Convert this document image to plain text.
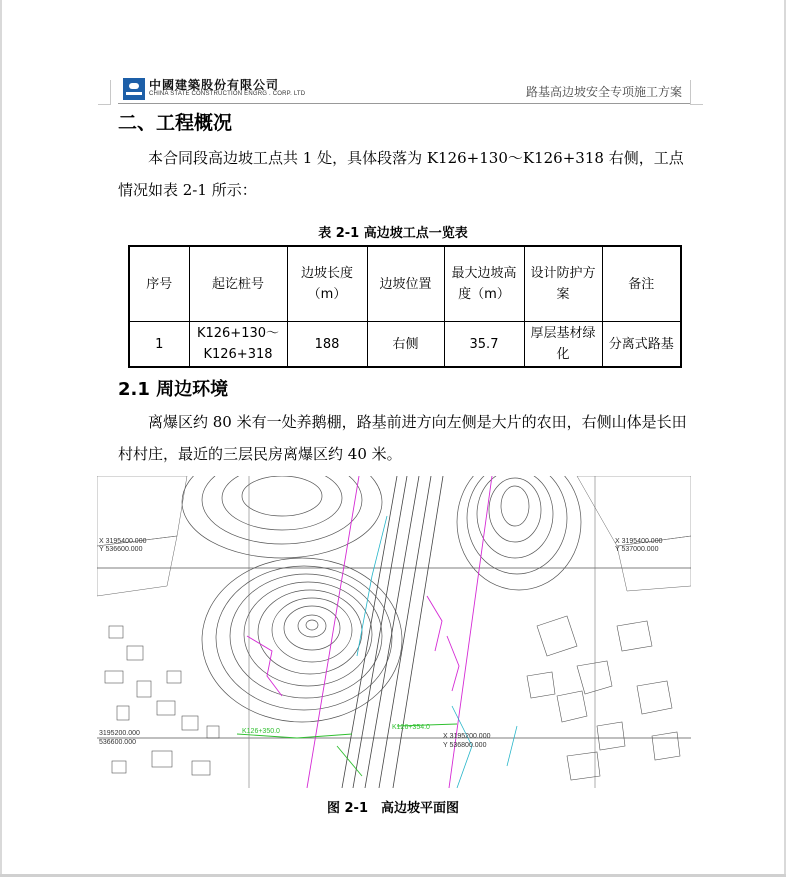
中國建築股份有限公司
CHINA STATE CONSTRUCTION ENGRG . CORP. LTD	路基高边坡安全专项施工方案
二、工程概况
本合同段高边坡工点共 1 处，具体段落为 K126+130～K126+318 右侧，工点情况如表 2-1 所示：
表 2-1 高边坡工点一览表
序号	起讫桩号	边坡长度（m）	边坡位置	最大边坡高度（m）	设计防护方案	备注
1	K126+130～K126+318	188	右侧	35.7	厚层基材绿化	分离式路基
2.1 周边环境
离爆区约 80 米有一处养鹅棚，路基前进方向左侧是大片的农田，右侧山体是长田村村庄，最近的三层民房离爆区约 40 米。
X 3195400.000
Y 536600.000
X 3195400.000
Y 537000.000
3195200.000
536600.000
X 3195200.000
Y 536800.000
K126+350.0
K126+354.0
图 2-1　高边坡平面图
